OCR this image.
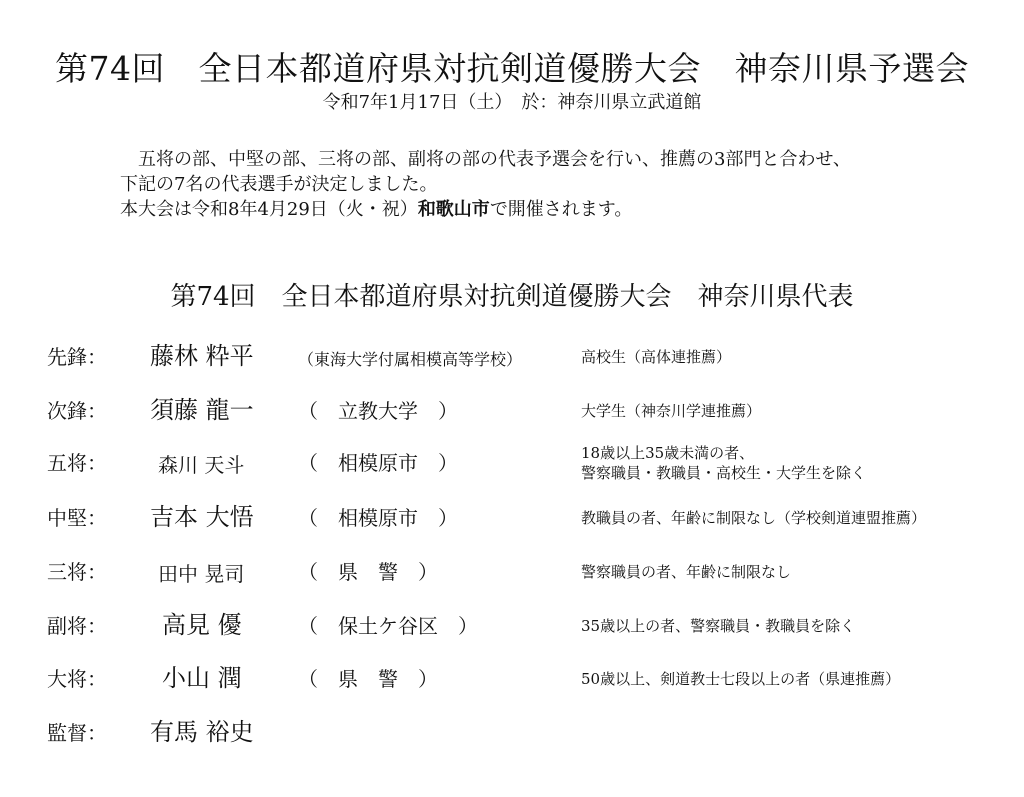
第74回　全日本都道府県対抗剣道優勝大会　神奈川県予選会
令和7年1月17日（土）　於：神奈川県立武道館
五将の部、中堅の部、三将の部、副将の部の代表予選会を行い、推薦の3部門と合わせ、
下記の7名の代表選手が決定しました。
本大会は令和8年4月29日（火・祝）和歌山市で開催されます。
第74回　全日本都道府県対抗剣道優勝大会　神奈川県代表
先鋒： 藤林 粋平	（東海大学付属相模高等学校）	高校生（高体連推薦）
次鋒： 須藤 龍一 （　立教大学　）	大学生（神奈川学連推薦）
五将：	森川 天斗	（　相模原市　）	18歳以上35歳未満の者、
警察職員・教職員・高校生・大学生を除く
中堅： 吉本 大悟 （　相模原市　）	教職員の者、年齢に制限なし（学校剣道連盟推薦）
三将：	田中 晃司	（　県　警　）	警察職員の者、年齢に制限なし
副将： 高見 優	（　保土ケ谷区　）	35歳以上の者、警察職員・教職員を除く
大将： 小山 潤	（　県　警　）	50歳以上、剣道教士七段以上の者（県連推薦）
監督： 有馬 裕史
